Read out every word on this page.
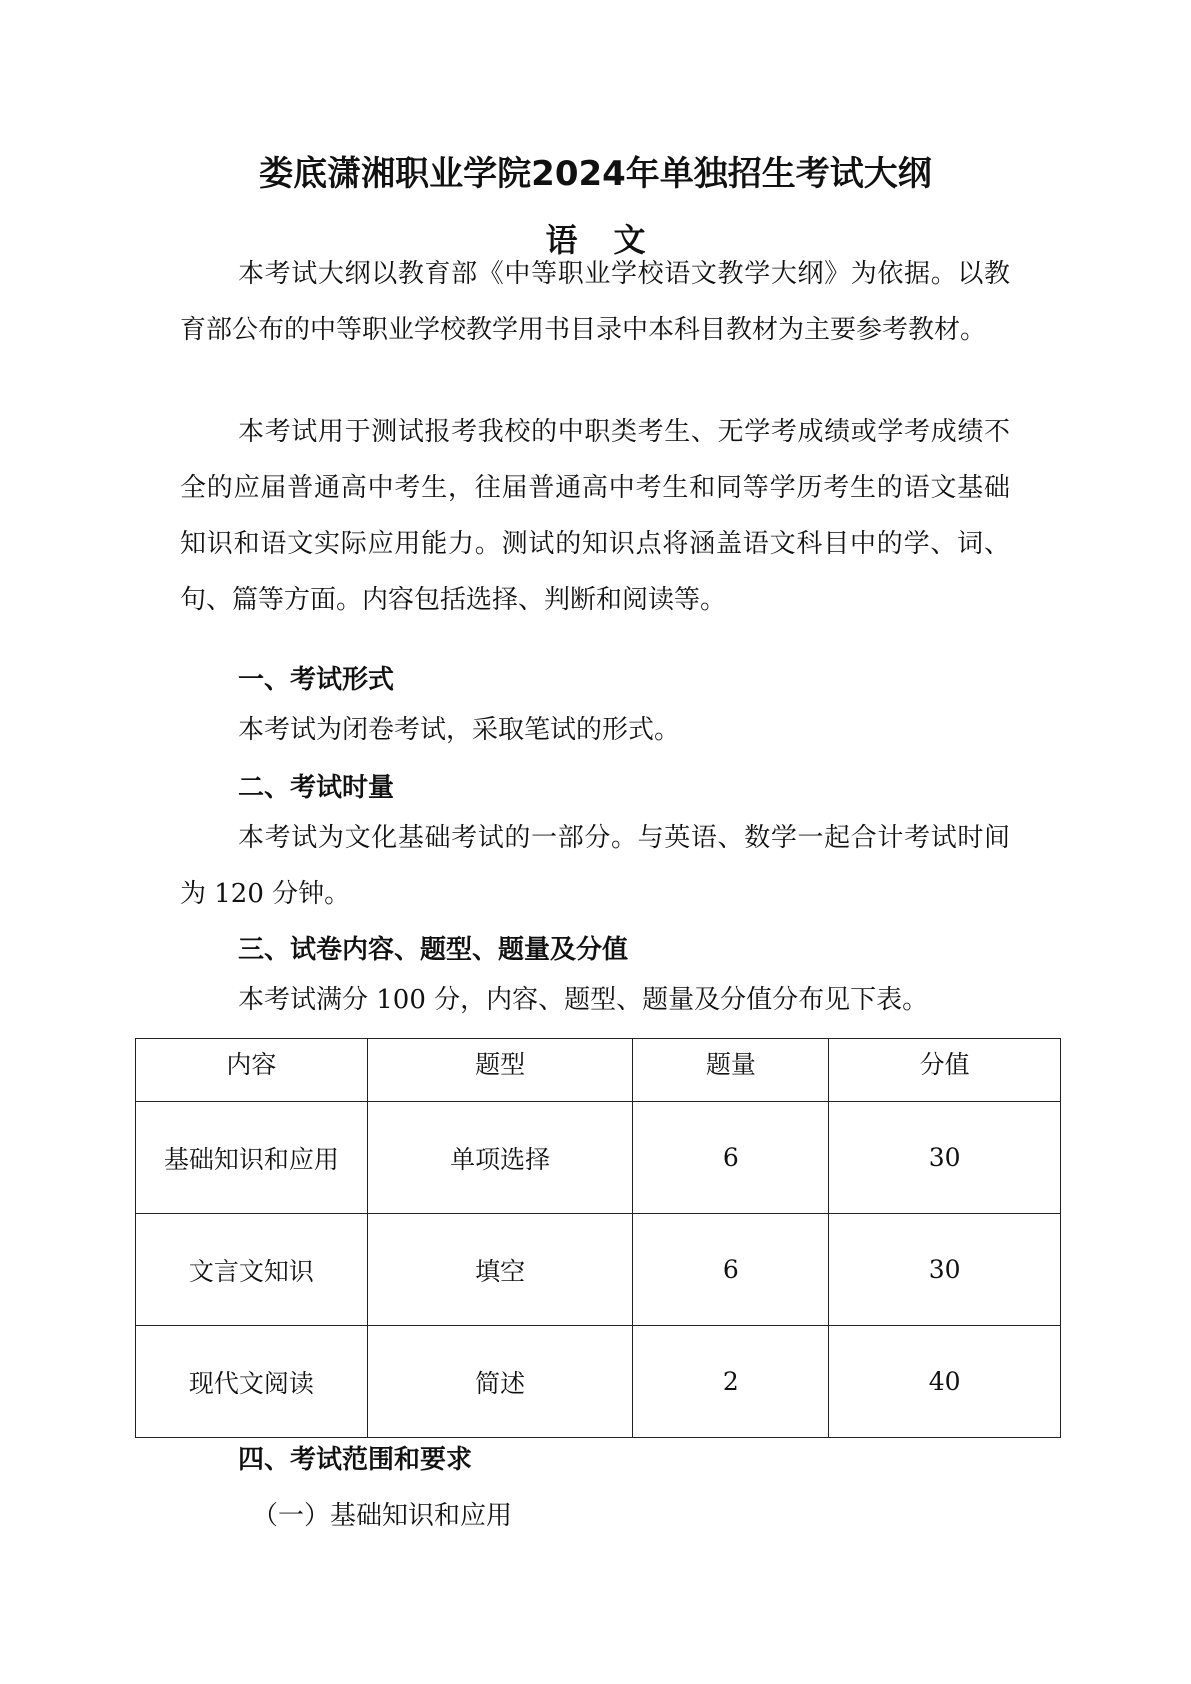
娄底潇湘职业学院2024年单独招生考试大纲
语文

本考试大纲以教育部《中等职业学校语文教学大纲》为依据。以教育部公布的中等职业学校教学用书目录中本科目教材为主要参考教材。

本考试用于测试报考我校的中职类考生、无学考成绩或学考成绩不全的应届普通高中考生，往届普通高中考生和同等学历考生的语文基础知识和语文实际应用能力。测试的知识点将涵盖语文科目中的学、词、句、篇等方面。内容包括选择、判断和阅读等。

一、考试形式

本考试为闭卷考试，采取笔试的形式。

二、考试时量

本考试为文化基础考试的一部分。与英语、数学一起合计考试时间为 120 分钟。

三、试卷内容、题型、题量及分值

本考试满分 100 分，内容、题型、题量及分值分布见下表。

内容	题型	题量	分值
基础知识和应用	单项选择	6	30
文言文知识	填空	6	30
现代文阅读	简述	2	40

四、考试范围和要求

（一）基础知识和应用
